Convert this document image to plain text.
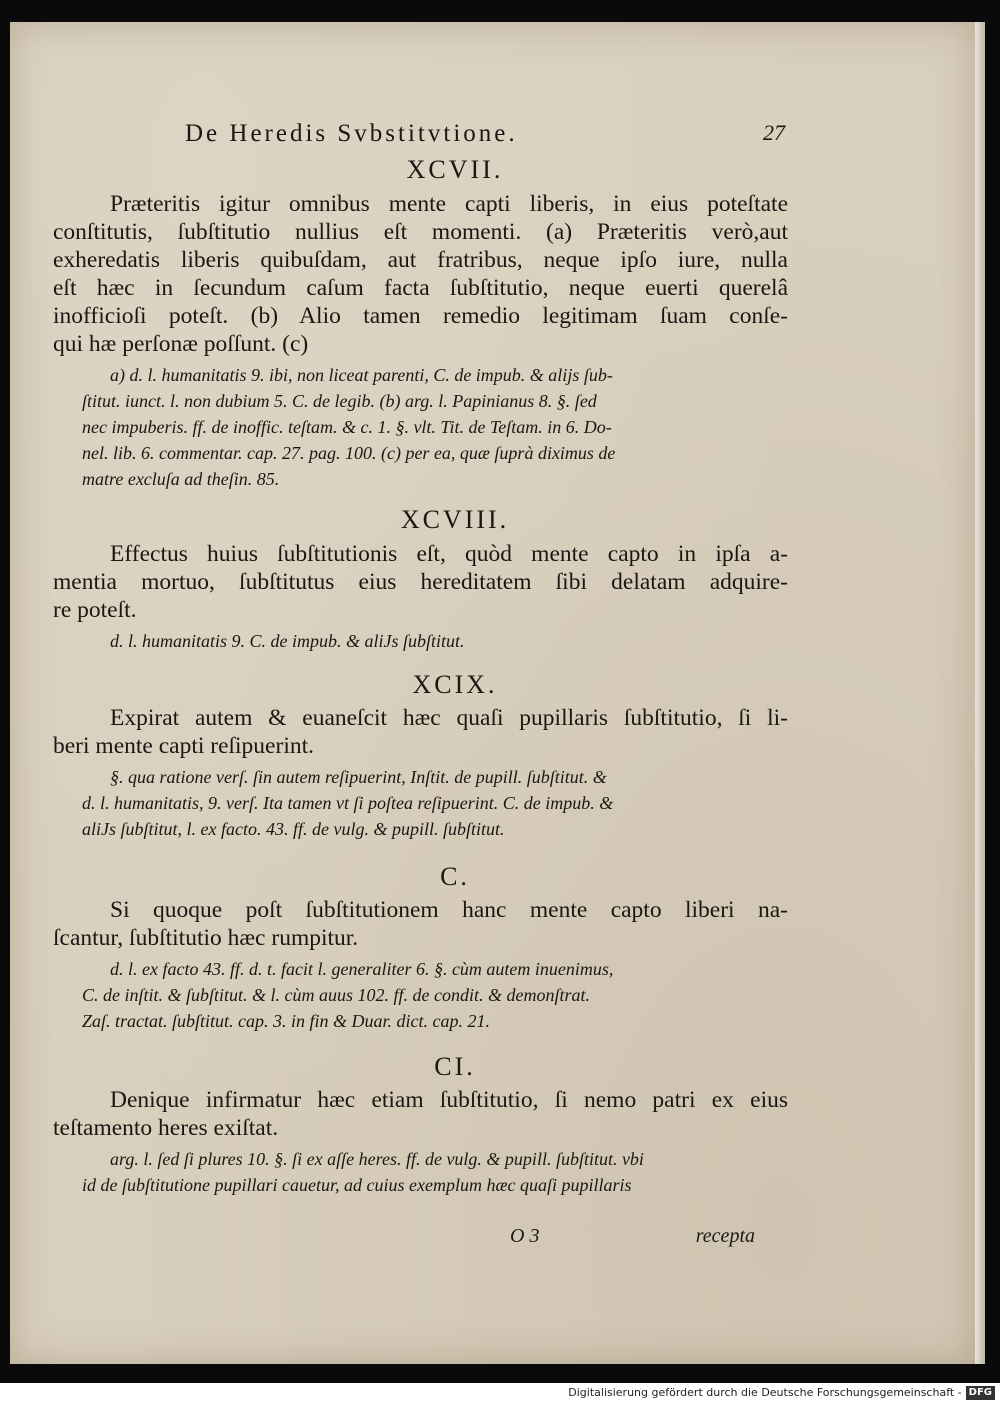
De Heredis Svbstitvtione.	27
XCVII.
Præteritis igitur omnibus mente capti liberis, in eius poteſtate
conſtitutis, ſubſtitutio nullius eſt momenti. (a) Præteritis verò,aut
exheredatis liberis quibuſdam, aut fratribus, neque ipſo iure, nulla
eſt hæc in ſecundum caſum facta ſubſtitutio, neque euerti querelâ
inofficioſi poteſt. (b) Alio tamen remedio legitimam ſuam conſe-
qui hæ perſonæ poſſunt. (c)
a) d. l. humanitatis 9. ibi, non liceat parenti, C. de impub. & alijs ſub-
ſtitut. iunct. l. non dubium 5. C. de legib. (b) arg. l. Papinianus 8. §. ſed
nec impuberis. ff. de inoffic. teſtam. & c. 1. §. vlt. Tit. de Teſtam. in 6. Do-
nel. lib. 6. commentar. cap. 27. pag. 100. (c) per ea, quæ ſuprà diximus de
matre excluſa ad theſin. 85.
XCVIII.
Effectus huius ſubſtitutionis eſt, quòd mente capto in ipſa a-
mentia mortuo, ſubſtitutus eius hereditatem ſibi delatam adquire-
re poteſt.
d. l. humanitatis 9. C. de impub. & aliJs ſubſtitut.
XCIX.
Expirat autem & euaneſcit hæc quaſi pupillaris ſubſtitutio, ſi li-
beri mente capti reſipuerint.
§. qua ratione verſ. ſin autem reſipuerint, Inſtit. de pupill. ſubſtitut. &
d. l. humanitatis, 9. verſ. Ita tamen vt ſi poſtea reſipuerint. C. de impub. &
aliJs ſubſtitut, l. ex facto. 43. ff. de vulg. & pupill. ſubſtitut.
C.
Si quoque poſt ſubſtitutionem hanc mente capto liberi na-
ſcantur, ſubſtitutio hæc rumpitur.
d. l. ex facto 43. ff. d. t. facit l. generaliter 6. §. cùm autem inuenimus,
C. de inſtit. & ſubſtitut. & l. cùm auus 102. ff. de condit. & demonſtrat.
Zaſ. tractat. ſubſtitut. cap. 3. in fin & Duar. dict. cap. 21.
CI.
Denique infirmatur hæc etiam ſubſtitutio, ſi nemo patri ex eius
teſtamento heres exiſtat.
arg. l. ſed ſi plures 10. §. ſi ex aſſe heres. ff. de vulg. & pupill. ſubſtitut. vbi
id de ſubſtitutione pupillari cauetur, ad cuius exemplum hæc quaſi pupillaris
O 3	recepta
Digitalisierung gefördert durch die Deutsche Forschungsgemeinschaft - DFG
